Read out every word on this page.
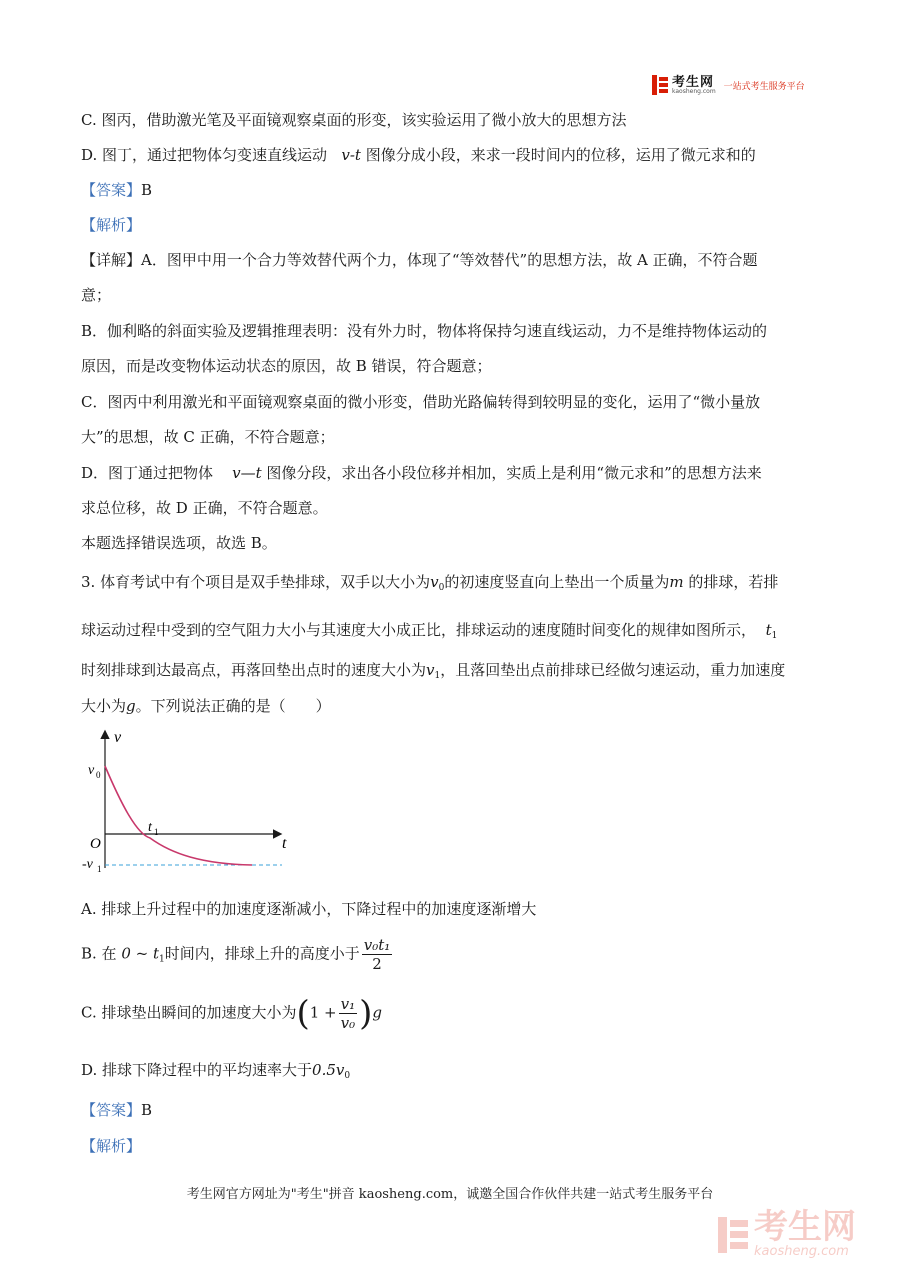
考生网
kaosheng.com 一站式考生服务平台

C. 图丙，借助激光笔及平面镜观察桌面的形变，该实验运用了微小放大的思想方法

D. 图丁，通过把物体匀变速直线运动 v-t 图像分成小段，来求一段时间内的位移，运用了微元求和的

【答案】B

【解析】

【详解】A．图甲中用一个合力等效替代两个力，体现了“等效替代”的思想方法，故 A 正确，不符合题

意；

B．伽利略的斜面实验及逻辑推理表明：没有外力时，物体将保持匀速直线运动，力不是维持物体运动的

原因，而是改变物体运动状态的原因，故 B 错误，符合题意；

C．图丙中利用激光和平面镜观察桌面的微小形变，借助光路偏转得到较明显的变化，运用了“微小量放

大”的思想，故 C 正确，不符合题意；

D．图丁通过把物体 v—t 图像分段，求出各小段位移并相加，实质上是利用“微元求和”的思想方法来

求总位移，故 D 正确，不符合题意。

本题选择错误选项，故选 B。

3. 体育考试中有个项目是双手垫排球，双手以大小为$v_0$的初速度竖直向上垫出一个质量为m 的排球，若排

球运动过程中受到的空气阻力大小与其速度大小成正比，排球运动的速度随时间变化的规律如图所示， $t_1$

时刻排球到达最高点，再落回垫出点时的速度大小为$v_1$，且落回垫出点前排球已经做匀速运动，重力加速度

大小为g。下列说法正确的是（　　）

v
t
O
v 0
t 1
-v 1

A. 排球上升过程中的加速度逐渐减小，下降过程中的加速度逐渐增大

B. 在 0 ~ $t_1$时间内，排球上升的高度小于 $\frac{\text{v₀t₁}}{2}$

C. 排球垫出瞬间的加速度大小为$(1 + \frac{\text{v₁}}{\text{v₀}} )g$

D. 排球下降过程中的平均速率大于$0.5v_0$

【答案】B

【解析】

考生网官方网址为"考生"拼音 kaosheng.com，诚邀全国合作伙伴共建一站式考生服务平台
考生网
kaosheng.com
